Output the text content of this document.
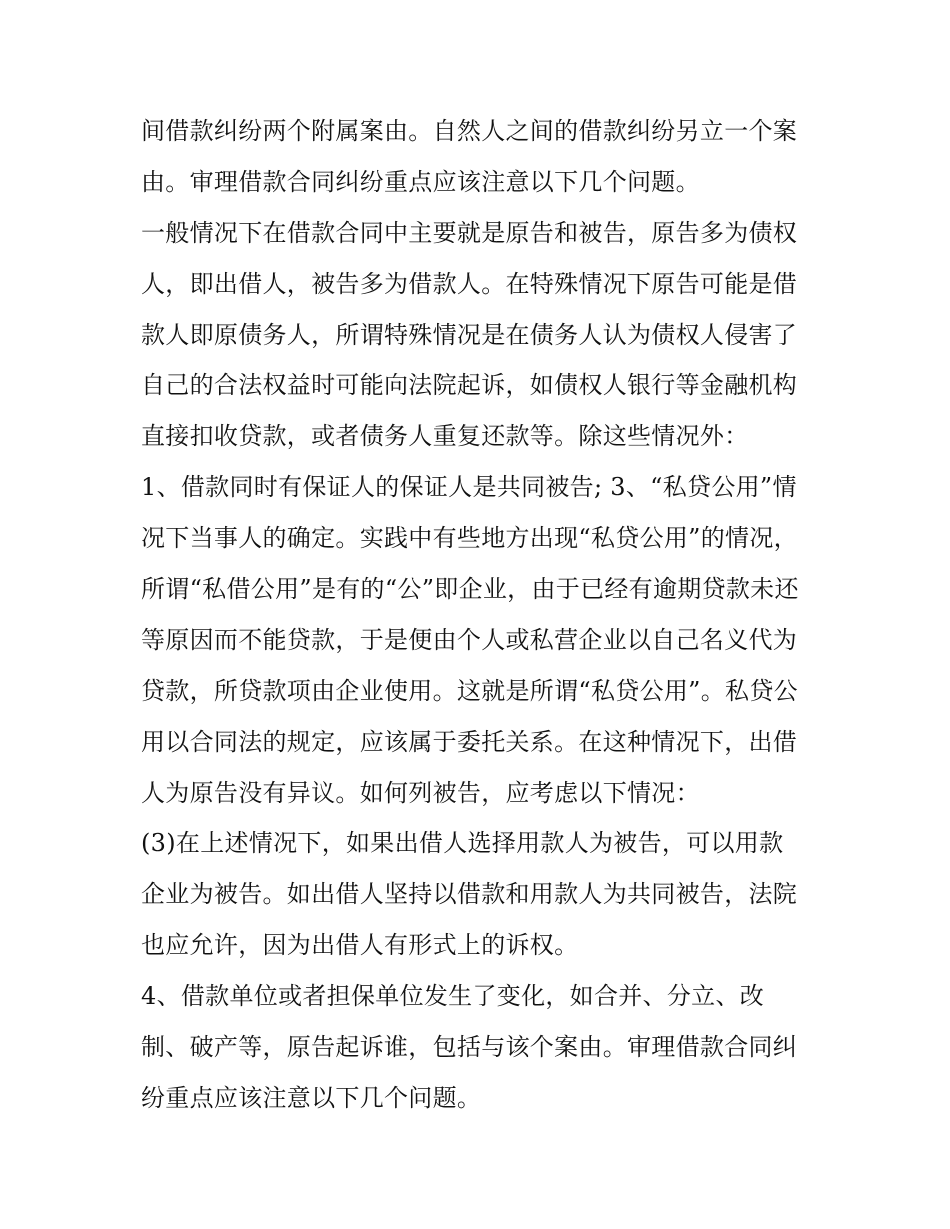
间借款纠纷两个附属案由。自然人之间的借款纠纷另立一个案
由。审理借款合同纠纷重点应该注意以下几个问题。
一般情况下在借款合同中主要就是原告和被告，原告多为债权
人，即出借人，被告多为借款人。在特殊情况下原告可能是借
款人即原债务人，所谓特殊情况是在债务人认为债权人侵害了
自己的合法权益时可能向法院起诉，如债权人银行等金融机构
直接扣收贷款，或者债务人重复还款等。除这些情况外：
1、借款同时有保证人的保证人是共同被告; 3、“私贷公用”情
况下当事人的确定。实践中有些地方出现“私贷公用”的情况，
所谓“私借公用”是有的“公”即企业，由于已经有逾期贷款未还
等原因而不能贷款，于是便由个人或私营企业以自己名义代为
贷款，所贷款项由企业使用。这就是所谓“私贷公用”。私贷公
用以合同法的规定，应该属于委托关系。在这种情况下，出借
人为原告没有异议。如何列被告，应考虑以下情况：
(3)在上述情况下，如果出借人选择用款人为被告，可以用款
企业为被告。如出借人坚持以借款和用款人为共同被告，法院
也应允许，因为出借人有形式上的诉权。
4、借款单位或者担保单位发生了变化，如合并、分立、改
制、破产等，原告起诉谁，包括与该个案由。审理借款合同纠
纷重点应该注意以下几个问题。
